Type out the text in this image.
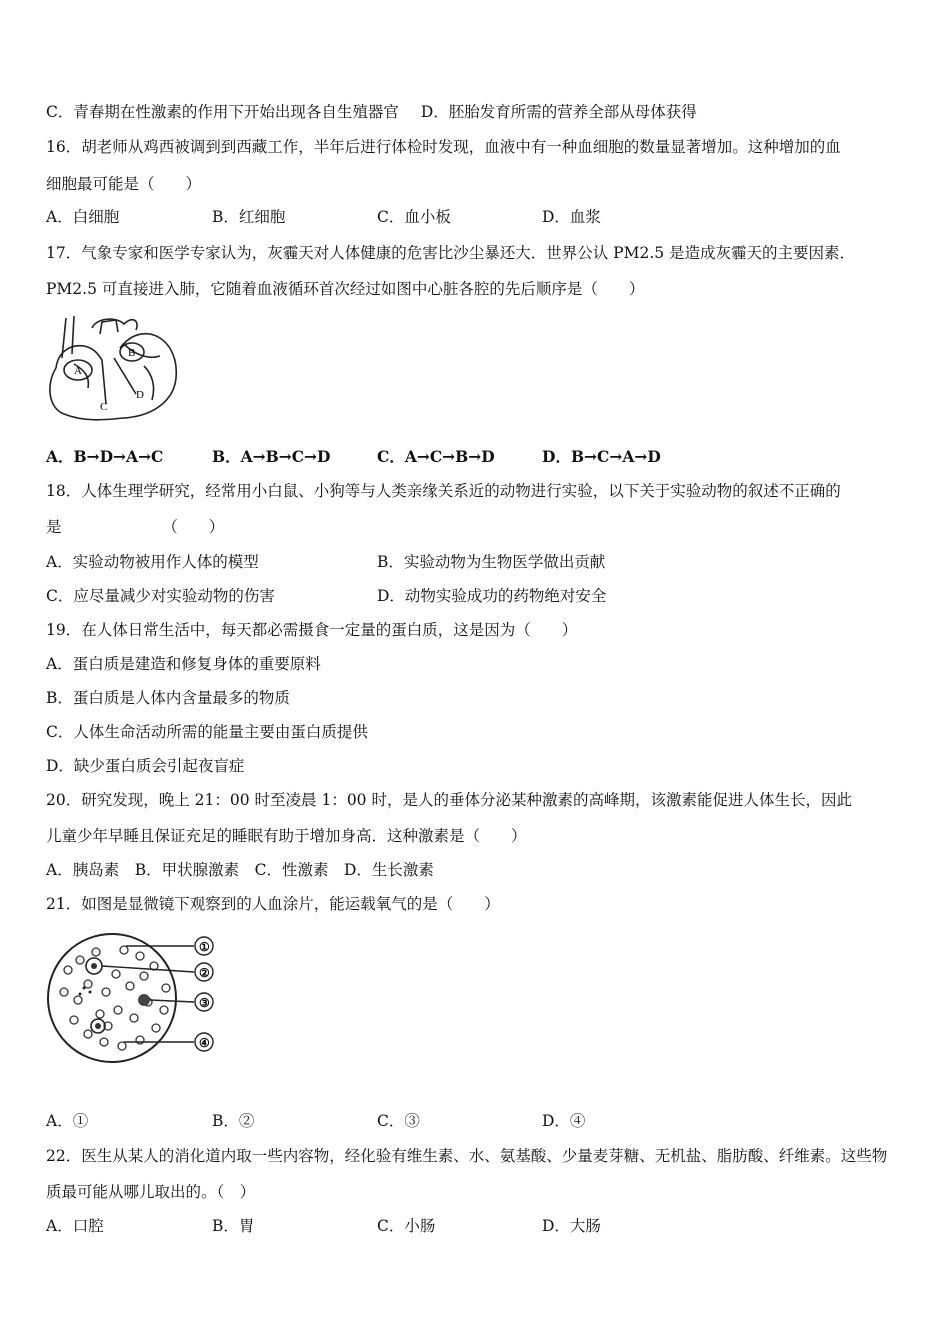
C．青春期在性激素的作用下开始出现各自生殖器官 D．胚胎发育所需的营养全部从母体获得
16．胡老师从鸡西被调到到西藏工作，半年后进行体检时发现，血液中有一种血细胞的数量显著增加。这种增加的血
细胞最可能是（　　）
A．白细胞	B．红细胞	C．血小板	D．血浆
17．气象专家和医学专家认为，灰霾天对人体健康的危害比沙尘暴还大．世界公认 PM2.5 是造成灰霾天的主要因素．
PM2.5 可直接进入肺，它随着血液循环首次经过如图中心脏各腔的先后顺序是（　　）
A
B
C
D
A．B→D→A→C	B．A→B→C→D	C．A→C→B→D	D．B→C→A→D
18．人体生理学研究，经常用小白鼠、小狗等与人类亲缘关系近的动物进行实验，以下关于实验动物的叙述不正确的
是　　　　　　　（　　）
A．实验动物被用作人体的模型	B．实验动物为生物医学做出贡献
C．应尽量减少对实验动物的伤害	D．动物实验成功的药物绝对安全
19．在人体日常生活中，每天都必需摄食一定量的蛋白质，这是因为（　　）
A．蛋白质是建造和修复身体的重要原料
B．蛋白质是人体内含量最多的物质
C．人体生命活动所需的能量主要由蛋白质提供
D．缺少蛋白质会引起夜盲症
20．研究发现，晚上 21：00 时至凌晨 1：00 时，是人的垂体分泌某种激素的高峰期，该激素能促进人体生长，因此
儿童少年早睡且保证充足的睡眠有助于增加身高．这种激素是（　　）
A．胰岛素　B．甲状腺激素　C．性激素　D．生长激素
21．如图是显微镜下观察到的人血涂片，能运载氧气的是（　　）
①
②
③
④
A．①	B．②	C．③	D．④
22．医生从某人的消化道内取一些内容物，经化验有维生素、水、氨基酸、少量麦芽糖、无机盐、脂肪酸、纤维素。这些物
质最可能从哪儿取出的。（　）
A．口腔	B．胃	C．小肠	D．大肠
